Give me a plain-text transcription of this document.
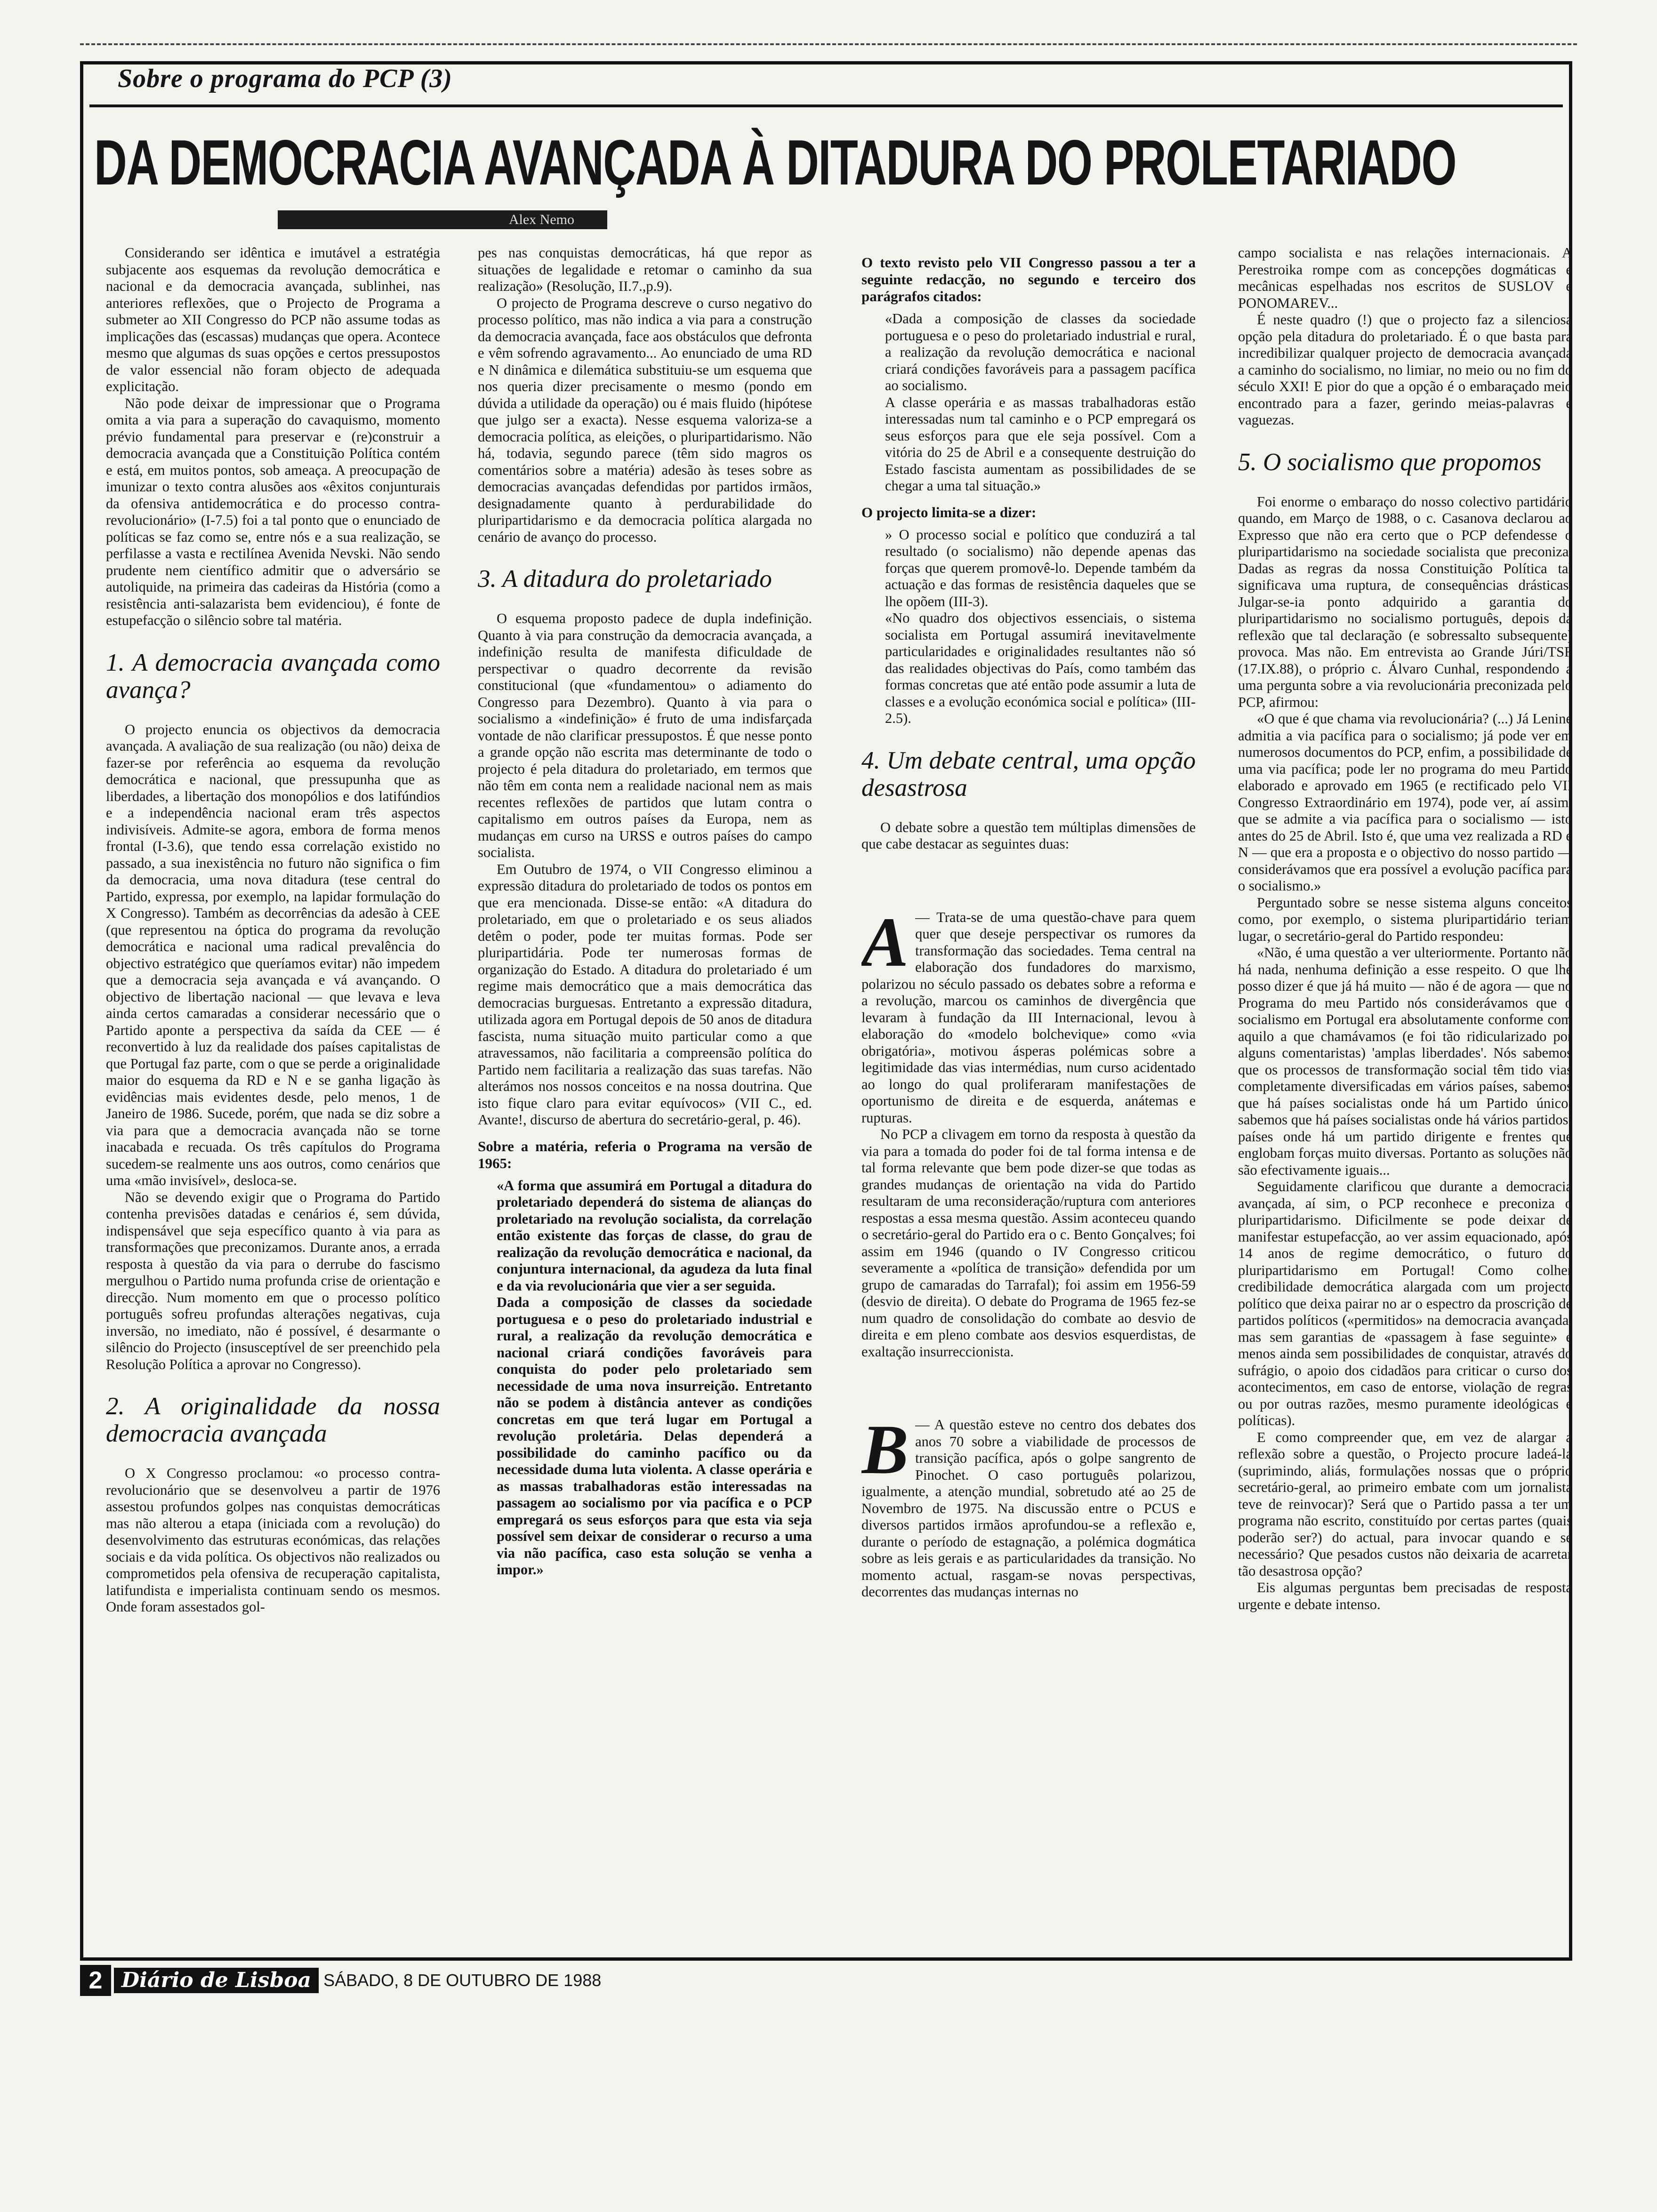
Sobre o programa do PCP (3)
DA DEMOCRACIA AVANÇADA À DITADURA DO PROLETARIADO
Alex Nemo

Considerando ser idêntica e imutável a estratégia subjacente aos esquemas da revolução democrática e nacional e da democracia avançada, sublinhei, nas anteriores reflexões, que o Projecto de Programa a submeter ao XII Congresso do PCP não assume todas as implicações das (escassas) mudanças que opera. Acontece mesmo que algumas ds suas opções e certos pressupostos de valor essencial não foram objecto de adequada explicitação.

Não pode deixar de impressionar que o Programa omita a via para a superação do cavaquismo, momento prévio fundamental para preservar e (re)construir a democracia avançada que a Constituição Política contém e está, em muitos pontos, sob ameaça. A preocupação de imunizar o texto contra alusões aos «êxitos conjunturais da ofensiva antidemocrática e do processo contra-revolucionário» (I-7.5) foi a tal ponto que o enunciado de políticas se faz como se, entre nós e a sua realização, se perfilasse a vasta e rectilínea Avenida Nevski. Não sendo prudente nem científico admitir que o adversário se autoliquide, na primeira das cadeiras da História (como a resistência anti-salazarista bem evidenciou), é fonte de estupefacção o silêncio sobre tal matéria.

1. A democracia avançada como avança?

O projecto enuncia os objectivos da democracia avançada. A avaliação de sua realização (ou não) deixa de fazer-se por referência ao esquema da revolução democrática e nacional, que pressupunha que as liberdades, a libertação dos monopólios e dos latifúndios e a independência nacional eram três aspectos indivisíveis. Admite-se agora, embora de forma menos frontal (I-3.6), que tendo essa correlação existido no passado, a sua inexistência no futuro não significa o fim da democracia, uma nova ditadura (tese central do Partido, expressa, por exemplo, na lapidar formulação do X Congresso). Também as decorrências da adesão à CEE (que representou na óptica do programa da revolução democrática e nacional uma radical prevalência do objectivo estratégico que queríamos evitar) não impedem que a democracia seja avançada e vá avançando. O objectivo de libertação nacional — que levava e leva ainda certos camaradas a considerar necessário que o Partido aponte a perspectiva da saída da CEE — é reconvertido à luz da realidade dos países capitalistas de que Portugal faz parte, com o que se perde a originalidade maior do esquema da RD e N e se ganha ligação às evidências mais evidentes desde, pelo menos, 1 de Janeiro de 1986. Sucede, porém, que nada se diz sobre a via para que a democracia avançada não se torne inacabada e recuada. Os três capítulos do Programa sucedem-se realmente uns aos outros, como cenários que uma «mão invisível», desloca-se.

Não se devendo exigir que o Programa do Partido contenha previsões datadas e cenários é, sem dúvida, indispensável que seja específico quanto à via para as transformações que preconizamos. Durante anos, a errada resposta à questão da via para o derrube do fascismo mergulhou o Partido numa profunda crise de orientação e direcção. Num momento em que o processo político português sofreu profundas alterações negativas, cuja inversão, no imediato, não é possível, é desarmante o silêncio do Projecto (insusceptível de ser preenchido pela Resolução Política a aprovar no Congresso).

2. A originalidade da nossa democracia avançada

O X Congresso proclamou: «o processo contra-revolucionário que se desenvolveu a partir de 1976 assestou profundos golpes nas conquistas democráticas mas não alterou a etapa (iniciada com a revolução) do desenvolvimento das estruturas económicas, das relações sociais e da vida política. Os objectivos não realizados ou comprometidos pela ofensiva de recuperação capitalista, latifundista e imperialista continuam sendo os mesmos. Onde foram assestados gol-

pes nas conquistas democráticas, há que repor as situações de legalidade e retomar o caminho da sua realização» (Resolução, II.7.,p.9).

O projecto de Programa descreve o curso negativo do processo político, mas não indica a via para a construção da democracia avançada, face aos obstáculos que defronta e vêm sofrendo agravamento... Ao enunciado de uma RD e N dinâmica e dilemática substituiu-se um esquema que nos queria dizer precisamente o mesmo (pondo em dúvida a utilidade da operação) ou é mais fluido (hipótese que julgo ser a exacta). Nesse esquema valoriza-se a democracia política, as eleições, o pluripartidarismo. Não há, todavia, segundo parece (têm sido magros os comentários sobre a matéria) adesão às teses sobre as democracias avançadas defendidas por partidos irmãos, designadamente quanto à perdurabilidade do pluripartidarismo e da democracia política alargada no cenário de avanço do processo.

3. A ditadura do proletariado

O esquema proposto padece de dupla indefinição. Quanto à via para construção da democracia avançada, a indefinição resulta de manifesta dificuldade de perspectivar o quadro decorrente da revisão constitucional (que «fundamentou» o adiamento do Congresso para Dezembro). Quanto à via para o socialismo a «indefinição» é fruto de uma indisfarçada vontade de não clarificar pressupostos. É que nesse ponto a grande opção não escrita mas determinante de todo o projecto é pela ditadura do proletariado, em termos que não têm em conta nem a realidade nacional nem as mais recentes reflexões de partidos que lutam contra o capitalismo em outros países da Europa, nem as mudanças em curso na URSS e outros países do campo socialista.

Em Outubro de 1974, o VII Congresso eliminou a expressão ditadura do proletariado de todos os pontos em que era mencionada. Disse-se então: «A ditadura do proletariado, em que o proletariado e os seus aliados detêm o poder, pode ter muitas formas. Pode ser pluripartidária. Pode ter numerosas formas de organização do Estado. A ditadura do proletariado é um regime mais democrático que a mais democrática das democracias burguesas. Entretanto a expressão ditadura, utilizada agora em Portugal depois de 50 anos de ditadura fascista, numa situação muito particular como a que atravessamos, não facilitaria a compreensão política do Partido nem facilitaria a realização das suas tarefas. Não alterámos nos nossos conceitos e na nossa doutrina. Que isto fique claro para evitar equívocos» (VII C., ed. Avante!, discurso de abertura do secretário-geral, p. 46).

Sobre a matéria, referia o Programa na versão de 1965:

«A forma que assumirá em Portugal a ditadura do proletariado dependerá do sistema de alianças do proletariado na revolução socialista, da correlação então existente das forças de classe, do grau de realização da revolução democrática e nacional, da conjuntura internacional, da agudeza da luta final e da via revolucionária que vier a ser seguida.

Dada a composição de classes da sociedade portuguesa e o peso do proletariado industrial e rural, a realização da revolução democrática e nacional criará condições favoráveis para conquista do poder pelo proletariado sem necessidade de uma nova insurreição. Entretanto não se podem à distância antever as condições concretas em que terá lugar em Portugal a revolução proletária. Delas dependerá a possibilidade do caminho pacífico ou da necessidade duma luta violenta. A classe operária e as massas trabalhadoras estão interessadas na passagem ao socialismo por via pacífica e o PCP empregará os seus esforços para que esta via seja possível sem deixar de considerar o recurso a uma via não pacífica, caso esta solução se venha a impor.»

O texto revisto pelo VII Congresso passou a ter a seguinte redacção, no segundo e terceiro dos parágrafos citados:

«Dada a composição de classes da sociedade portuguesa e o peso do proletariado industrial e rural, a realização da revolução democrática e nacional criará condições favoráveis para a passagem pacífica ao socialismo.

A classe operária e as massas trabalhadoras estão interessadas num tal caminho e o PCP empregará os seus esforços para que ele seja possível. Com a vitória do 25 de Abril e a consequente destruição do Estado fascista aumentam as possibilidades de se chegar a uma tal situação.»

O projecto limita-se a dizer:

» O processo social e político que conduzirá a tal resultado (o socialismo) não depende apenas das forças que querem promovê-lo. Depende também da actuação e das formas de resistência daqueles que se lhe opõem (III-3).

«No quadro dos objectivos essenciais, o sistema socialista em Portugal assumirá inevitavelmente particularidades e originalidades resultantes não só das realidades objectivas do País, como também das formas concretas que até então pode assumir a luta de classes e a evolução económica social e política» (III-2.5).

4. Um debate central, uma opção desastrosa

O debate sobre a questão tem múltiplas dimensões de que cabe destacar as seguintes duas:

A — Trata-se de uma questão-chave para quem quer que deseje perspectivar os rumores da transformação das sociedades. Tema central na elaboração dos fundadores do marxismo, polarizou no século passado os debates sobre a reforma e a revolução, marcou os caminhos de divergência que levaram à fundação da III Internacional, levou à elaboração do «modelo bolchevique» como «via obrigatória», motivou ásperas polémicas sobre a legitimidade das vias intermédias, num curso acidentado ao longo do qual proliferaram manifestações de oportunismo de direita e de esquerda, anátemas e rupturas.

No PCP a clivagem em torno da resposta à questão da via para a tomada do poder foi de tal forma intensa e de tal forma relevante que bem pode dizer-se que todas as grandes mudanças de orientação na vida do Partido resultaram de uma reconsideração/ruptura com anteriores respostas a essa mesma questão. Assim aconteceu quando o secretário-geral do Partido era o c. Bento Gonçalves; foi assim em 1946 (quando o IV Congresso criticou severamente a «política de transição» defendida por um grupo de camaradas do Tarrafal); foi assim em 1956-59 (desvio de direita). O debate do Programa de 1965 fez-se num quadro de consolidação do combate ao desvio de direita e em pleno combate aos desvios esquerdistas, de exaltação insurreccionista.

B — A questão esteve no centro dos debates dos anos 70 sobre a viabilidade de processos de transição pacífica, após o golpe sangrento de Pinochet. O caso português polarizou, igualmente, a atenção mundial, sobretudo até ao 25 de Novembro de 1975. Na discussão entre o PCUS e diversos partidos irmãos aprofundou-se a reflexão e, durante o período de estagnação, a polémica dogmática sobre as leis gerais e as particularidades da transição. No momento actual, rasgam-se novas perspectivas, decorrentes das mudanças internas no

campo socialista e nas relações internacionais. A Perestroika rompe com as concepções dogmáticas e mecânicas espelhadas nos escritos de SUSLOV e PONOMAREV...

É neste quadro (!) que o projecto faz a silenciosa opção pela ditadura do proletariado. É o que basta para incredibilizar qualquer projecto de democracia avançada a caminho do socialismo, no limiar, no meio ou no fim do século XXI! E pior do que a opção é o embaraçado meio encontrado para a fazer, gerindo meias-palavras e vaguezas.

5. O socialismo que propomos

Foi enorme o embaraço do nosso colectivo partidário quando, em Março de 1988, o c. Casanova declarou ao Expresso que não era certo que o PCP defendesse o pluripartidarismo na sociedade socialista que preconiza. Dadas as regras da nossa Constituição Política tal significava uma ruptura, de consequências drásticas. Julgar-se-ia ponto adquirido a garantia do pluripartidarismo no socialismo português, depois da reflexão que tal declaração (e sobressalto subsequente) provoca. Mas não. Em entrevista ao Grande Júri/TSF (17.IX.88), o próprio c. Álvaro Cunhal, respondendo a uma pergunta sobre a via revolucionária preconizada pelo PCP, afirmou:

«O que é que chama via revolucionária? (...) Já Lenine admitia a via pacífica para o socialismo; já pode ver em numerosos documentos do PCP, enfim, a possibilidade de uma via pacífica; pode ler no programa do meu Partido elaborado e aprovado em 1965 (e rectificado pelo VII Congresso Extraordinário em 1974), pode ver, aí assim, que se admite a via pacífica para o socialismo — isto antes do 25 de Abril. Isto é, que uma vez realizada a RD e N — que era a proposta e o objectivo do nosso partido — considerávamos que era possível a evolução pacífica para o socialismo.»

Perguntado sobre se nesse sistema alguns conceitos como, por exemplo, o sistema pluripartidário teriam lugar, o secretário-geral do Partido respondeu:

«Não, é uma questão a ver ulteriormente. Portanto não há nada, nenhuma definição a esse respeito. O que lhe posso dizer é que já há muito — não é de agora — que no Programa do meu Partido nós considerávamos que o socialismo em Portugal era absolutamente conforme com aquilo a que chamávamos (e foi tão ridicularizado por alguns comentaristas) 'amplas liberdades'. Nós sabemos que os processos de transformação social têm tido vias completamente diversificadas em vários países, sabemos que há países socialistas onde há um Partido único; sabemos que há países socialistas onde há vários partidos; países onde há um partido dirigente e frentes que englobam forças muito diversas. Portanto as soluções não são efectivamente iguais...

Seguidamente clarificou que durante a democracia avançada, aí sim, o PCP reconhece e preconiza o pluripartidarismo. Dificilmente se pode deixar de manifestar estupefacção, ao ver assim equacionado, após 14 anos de regime democrático, o futuro do pluripartidarismo em Portugal! Como colher credibilidade democrática alargada com um projecto político que deixa pairar no ar o espectro da proscrição de partidos políticos («permitidos» na democracia avançada, mas sem garantias de «passagem à fase seguinte» e menos ainda sem possibilidades de conquistar, através do sufrágio, o apoio dos cidadãos para criticar o curso dos acontecimentos, em caso de entorse, violação de regras ou por outras razões, mesmo puramente ideológicas e políticas).

E como compreender que, em vez de alargar a reflexão sobre a questão, o Projecto procure ladeá-la (suprimindo, aliás, formulações nossas que o próprio secretário-geral, ao primeiro embate com um jornalista teve de reinvocar)? Será que o Partido passa a ter um programa não escrito, constituído por certas partes (quais poderão ser?) do actual, para invocar quando e se necessário? Que pesados custos não deixaria de acarretar tão desastrosa opção?

Eis algumas perguntas bem precisadas de resposta urgente e debate intenso.

2 Diário de Lisboa SÁBADO, 8 DE OUTUBRO DE 1988
